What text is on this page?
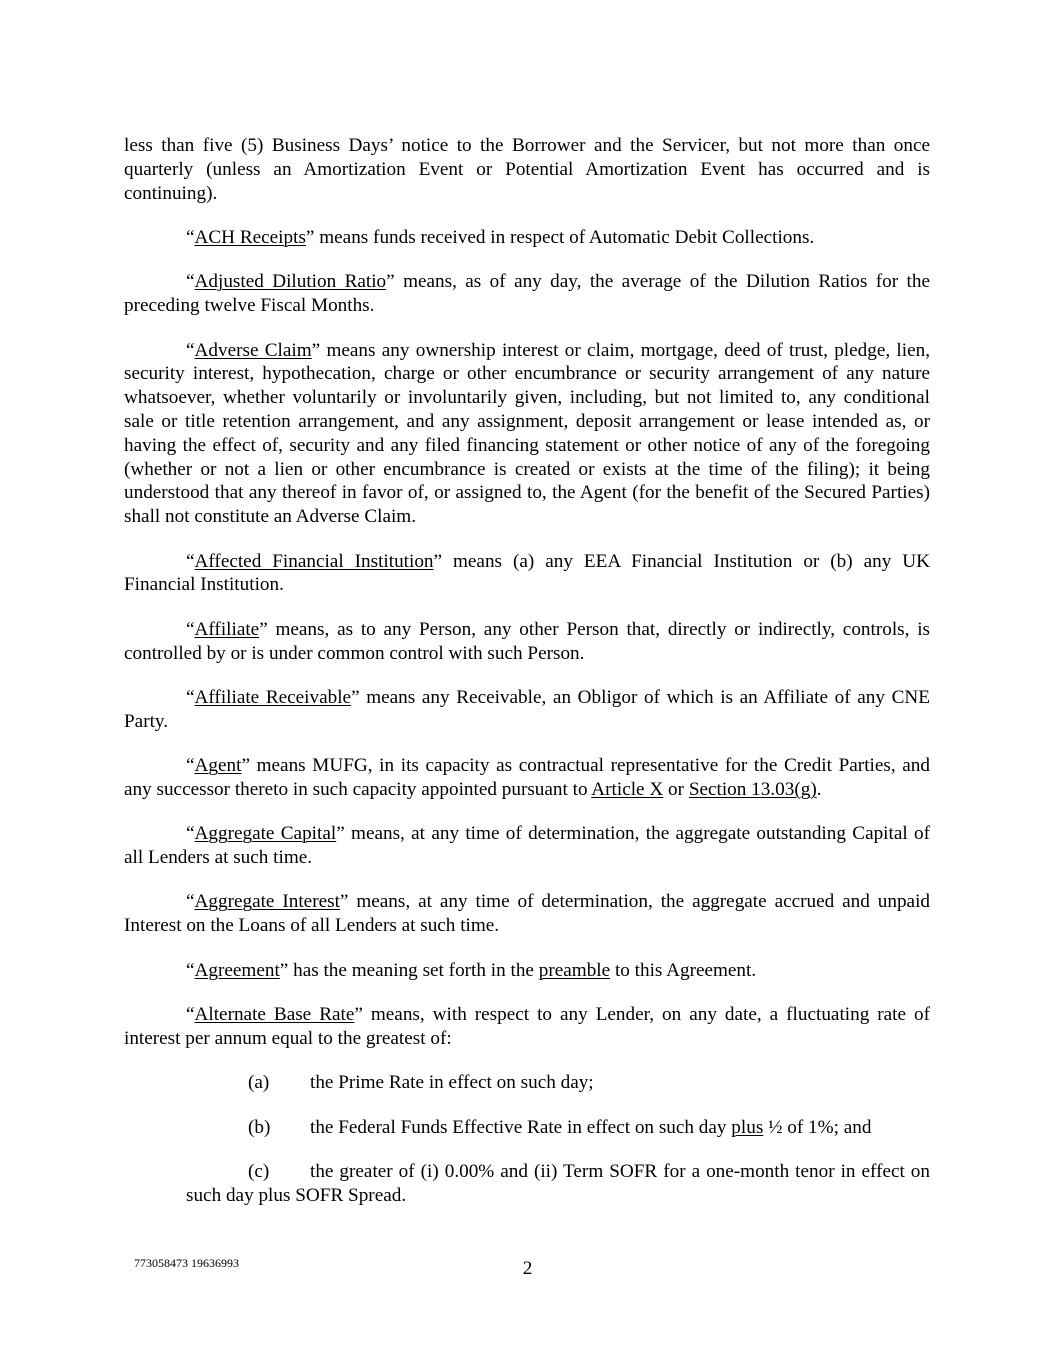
less than five (5) Business Days’ notice to the Borrower and the Servicer, but not more than once quarterly (unless an Amortization Event or Potential Amortization Event has occurred and is continuing).

“ACH Receipts” means funds received in respect of Automatic Debit Collections.

“Adjusted Dilution Ratio” means, as of any day, the average of the Dilution Ratios for the preceding twelve Fiscal Months.

“Adverse Claim” means any ownership interest or claim, mortgage, deed of trust, pledge, lien, security interest, hypothecation, charge or other encumbrance or security arrangement of any nature whatsoever, whether voluntarily or involuntarily given, including, but not limited to, any conditional sale or title retention arrangement, and any assignment, deposit arrangement or lease intended as, or having the effect of, security and any filed financing statement or other notice of any of the foregoing (whether or not a lien or other encumbrance is created or exists at the time of the filing); it being understood that any thereof in favor of, or assigned to, the Agent (for the benefit of the Secured Parties) shall not constitute an Adverse Claim.

“Affected Financial Institution” means (a) any EEA Financial Institution or (b) any UK Financial Institution.

“Affiliate” means, as to any Person, any other Person that, directly or indirectly, controls, is controlled by or is under common control with such Person.

“Affiliate Receivable” means any Receivable, an Obligor of which is an Affiliate of any CNE Party.

“Agent” means MUFG, in its capacity as contractual representative for the Credit Parties, and any successor thereto in such capacity appointed pursuant to Article X or Section 13.03(g).

“Aggregate Capital” means, at any time of determination, the aggregate outstanding Capital of all Lenders at such time.

“Aggregate Interest” means, at any time of determination, the aggregate accrued and unpaid Interest on the Loans of all Lenders at such time.

“Agreement” has the meaning set forth in the preamble to this Agreement.

“Alternate Base Rate” means, with respect to any Lender, on any date, a fluctuating rate of interest per annum equal to the greatest of:

(a) the Prime Rate in effect on such day;

(b) the Federal Funds Effective Rate in effect on such day plus ½ of 1%; and

(c) the greater of (i) 0.00% and (ii) Term SOFR for a one-month tenor in effect on such day plus SOFR Spread.

773058473 19636993	2
